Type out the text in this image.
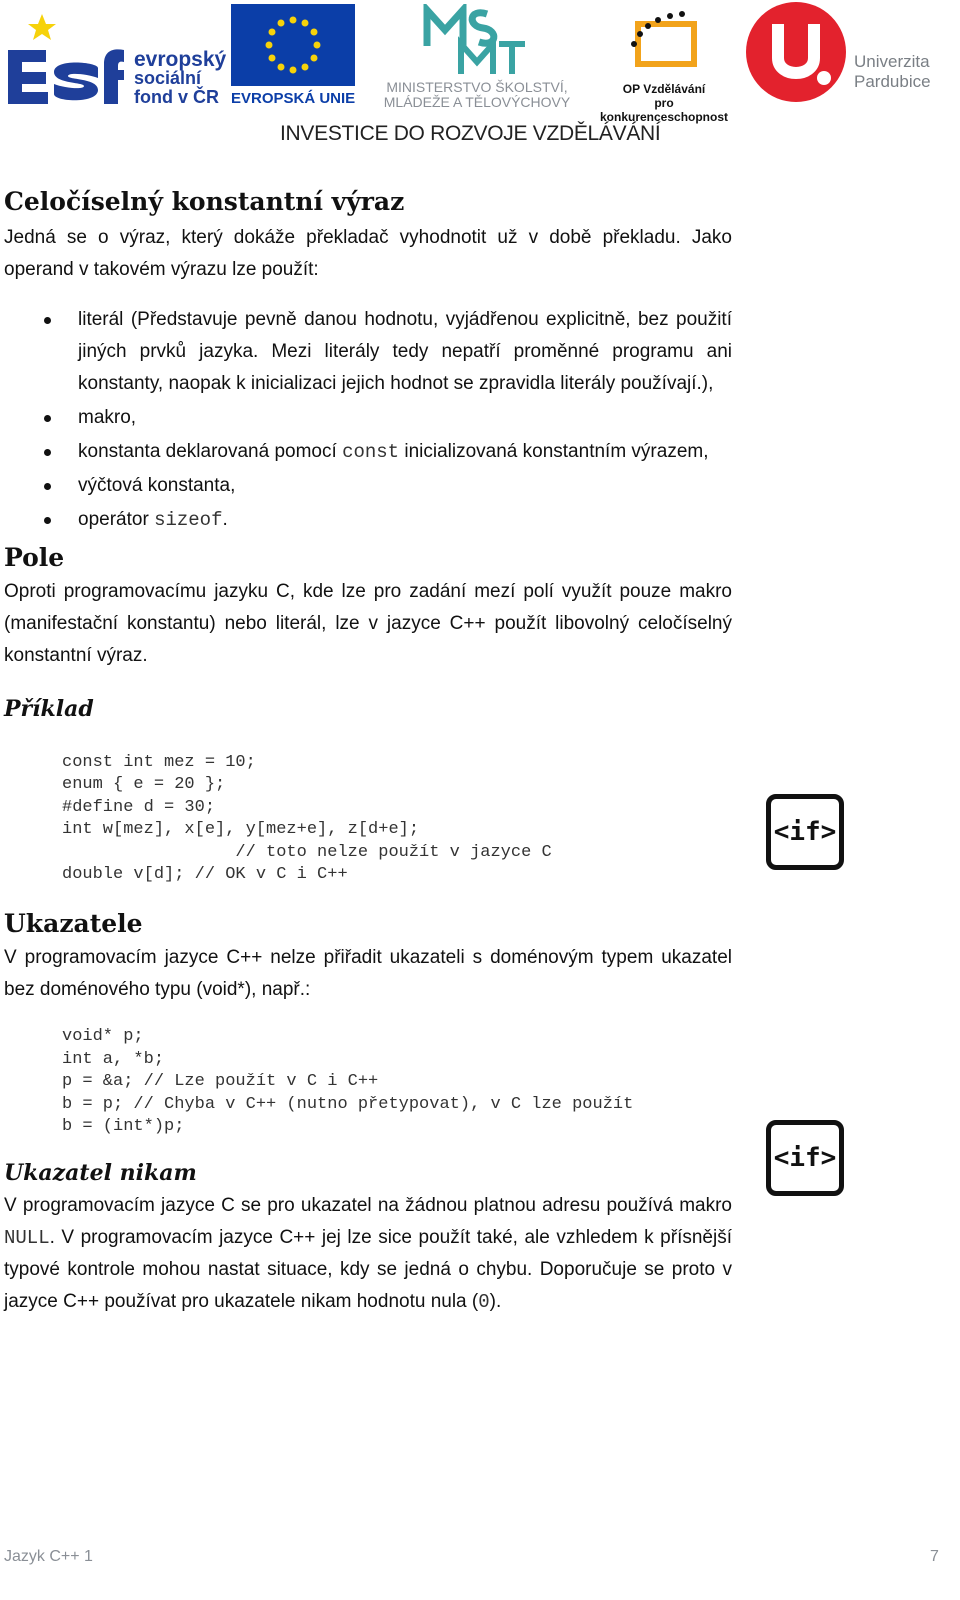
evropský
sociální
fond v ČR EVROPSKÁ UNIE
MINISTERSTVO ŠKOLSTVÍ,
MLÁDEŽE A TĚLOVÝCHOVY
OP Vzdělávání
pro konkurenceschopnost
Univerzita
Pardubice
INVESTICE DO ROZVOJE VZDĚLÁVÁNÍ
Celočíselný konstantní výraz

Jedná se o výraz, který dokáže překladač vyhodnotit už v době překladu. Jako operand v takovém výrazu lze použít:

literál (Představuje pevně danou hodnotu, vyjádřenou explicitně, bez použití jiných prvků jazyka. Mezi literály tedy nepatří proměnné programu ani konstanty, naopak k inicializaci jejich hodnot se zpravidla literály používají.),
makro,
konstanta deklarovaná pomocí const inicializovaná konstantním výrazem,
výčtová konstanta,
operátor sizeof.
Pole

Oproti programovacímu jazyku C, kde lze pro zadání mezí polí využít pouze makro (manifestační konstantu) nebo literál, lze v jazyce C++ použít libovolný celočíselný konstantní výraz.

Příklad
const int mez = 10;
enum { e = 20 };
#define d = 30;
int w[mez], x[e], y[mez+e], z[d+e];
// toto nelze použít v jazyce C
double v[d]; // OK v C i C++
Ukazatele

V programovacím jazyce C++ nelze přiřadit ukazateli s doménovým typem ukazatel bez doménového typu (void*), např.:

void* p;
int a, *b;
p = &a; // Lze použít v C i C++
b = p; // Chyba v C++ (nutno přetypovat), v C lze použít
b = (int*)p;
Ukazatel nikam

V programovacím jazyce C se pro ukazatel na žádnou platnou adresu používá makro NULL. V programovacím jazyce C++ jej lze sice použít také, ale vzhledem k přísnější typové kontrole mohou nastat situace, kdy se jedná o chybu. Doporučuje se proto v jazyce C++ používat pro ukazatele nikam hodnotu nula (0).

<if>
<if>
Jazyk C++ 1	7
